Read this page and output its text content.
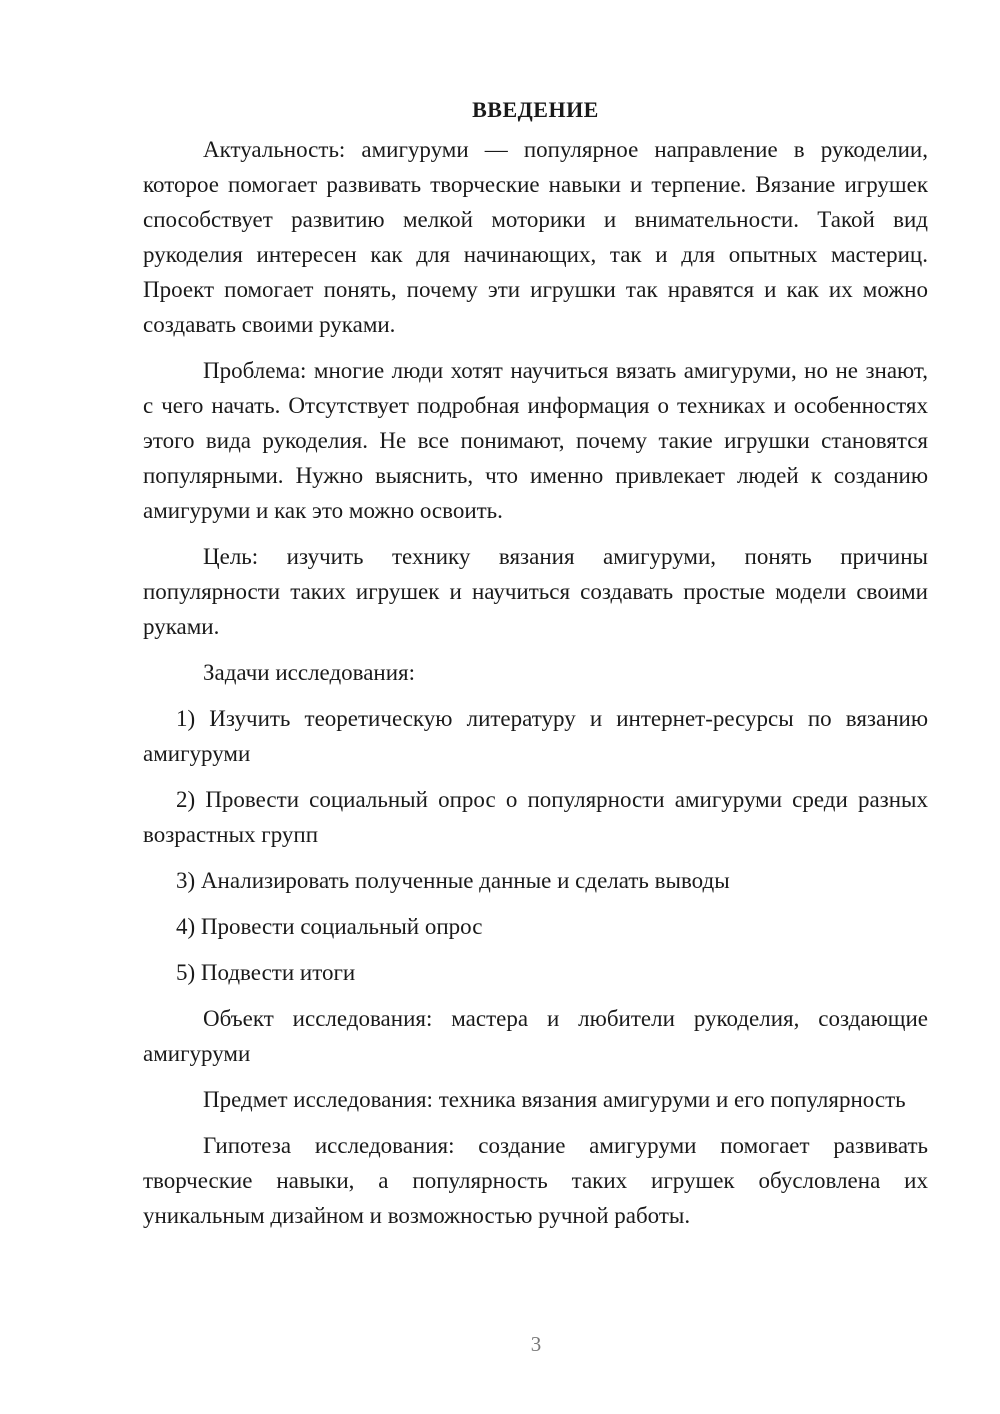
ВВЕДЕНИЕ

Актуальность: амигуруми — популярное направление в рукоделии, которое помогает развивать творческие навыки и терпение. Вязание игрушек способствует развитию мелкой моторики и внимательности. Такой вид рукоделия интересен как для начинающих, так и для опытных мастериц. Проект помогает понять, почему эти игрушки так нравятся и как их можно создавать своими руками.

Проблема: многие люди хотят научиться вязать амигуруми, но не знают, с чего начать. Отсутствует подробная информация о техниках и особенностях этого вида рукоделия. Не все понимают, почему такие игрушки становятся популярными. Нужно выяснить, что именно привлекает людей к созданию амигуруми и как это можно освоить.

Цель: изучить технику вязания амигуруми, понять причины популярности таких игрушек и научиться создавать простые модели своими руками.

Задачи исследования:

1) Изучить теоретическую литературу и интернет-ресурсы по вязанию амигуруми
2) Провести социальный опрос о популярности амигуруми среди разных возрастных групп
3) Анализировать полученные данные и сделать выводы
4) Провести социальный опрос
5) Подвести итоги

Объект исследования: мастера и любители рукоделия, создающие амигуруми

Предмет исследования: техника вязания амигуруми и его популярность

Гипотеза исследования: создание амигуруми помогает развивать творческие навыки, а популярность таких игрушек обусловлена их уникальным дизайном и возможностью ручной работы.

3
